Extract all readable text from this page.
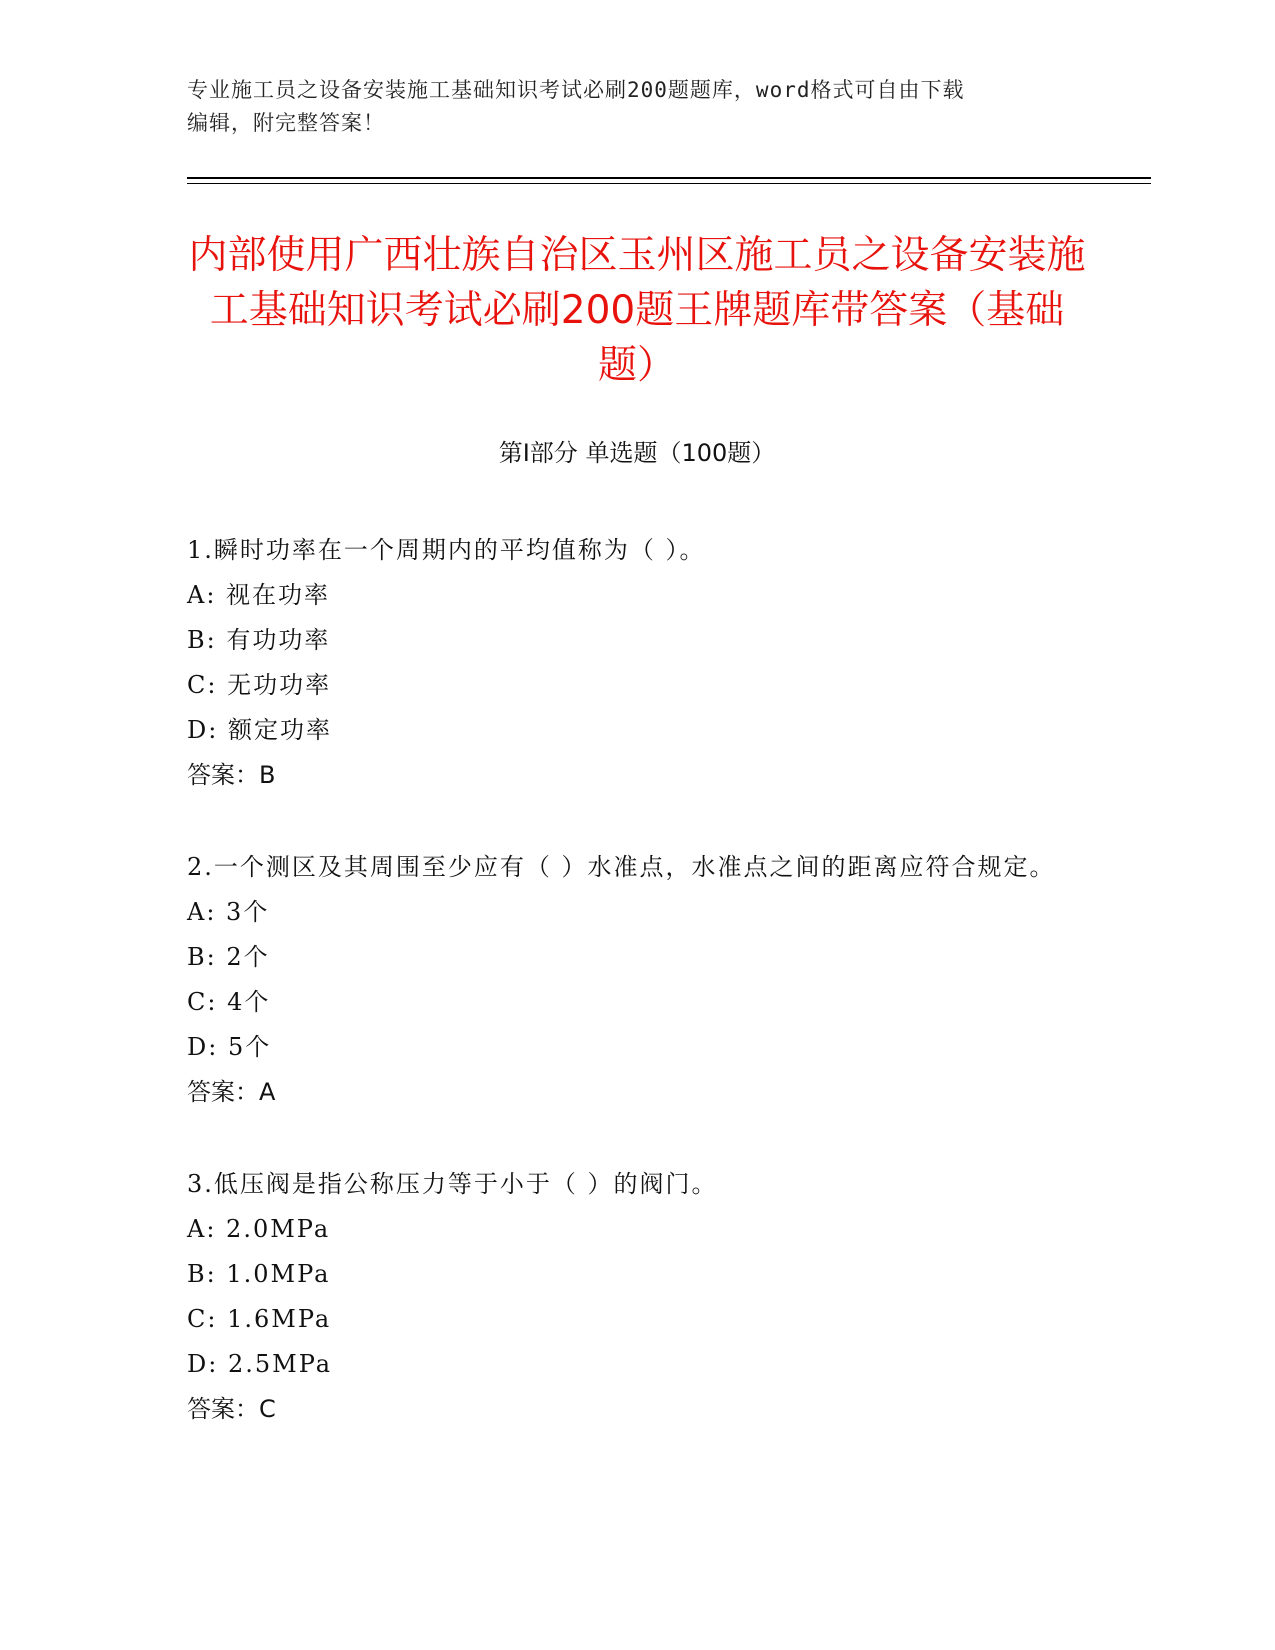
专业施工员之设备安装施工基础知识考试必刷200题题库，word格式可自由下载
编辑，附完整答案！
内部使用广西壮族自治区玉州区施工员之设备安装施工基础知识考试必刷200题王牌题库带答案（基础题）
第Ⅰ部分 单选题（100题）

1.瞬时功率在一个周期内的平均值称为（ ）。

A: 视在功率

B: 有功功率

C: 无功功率

D: 额定功率

答案：B

2.一个测区及其周围至少应有（ ）水准点，水准点之间的距离应符合规定。

A: 3个

B: 2个

C: 4个

D: 5个

答案：A

3.低压阀是指公称压力等于小于（ ）的阀门。

A: 2.0MPa

B: 1.0MPa

C: 1.6MPa

D: 2.5MPa

答案：C
